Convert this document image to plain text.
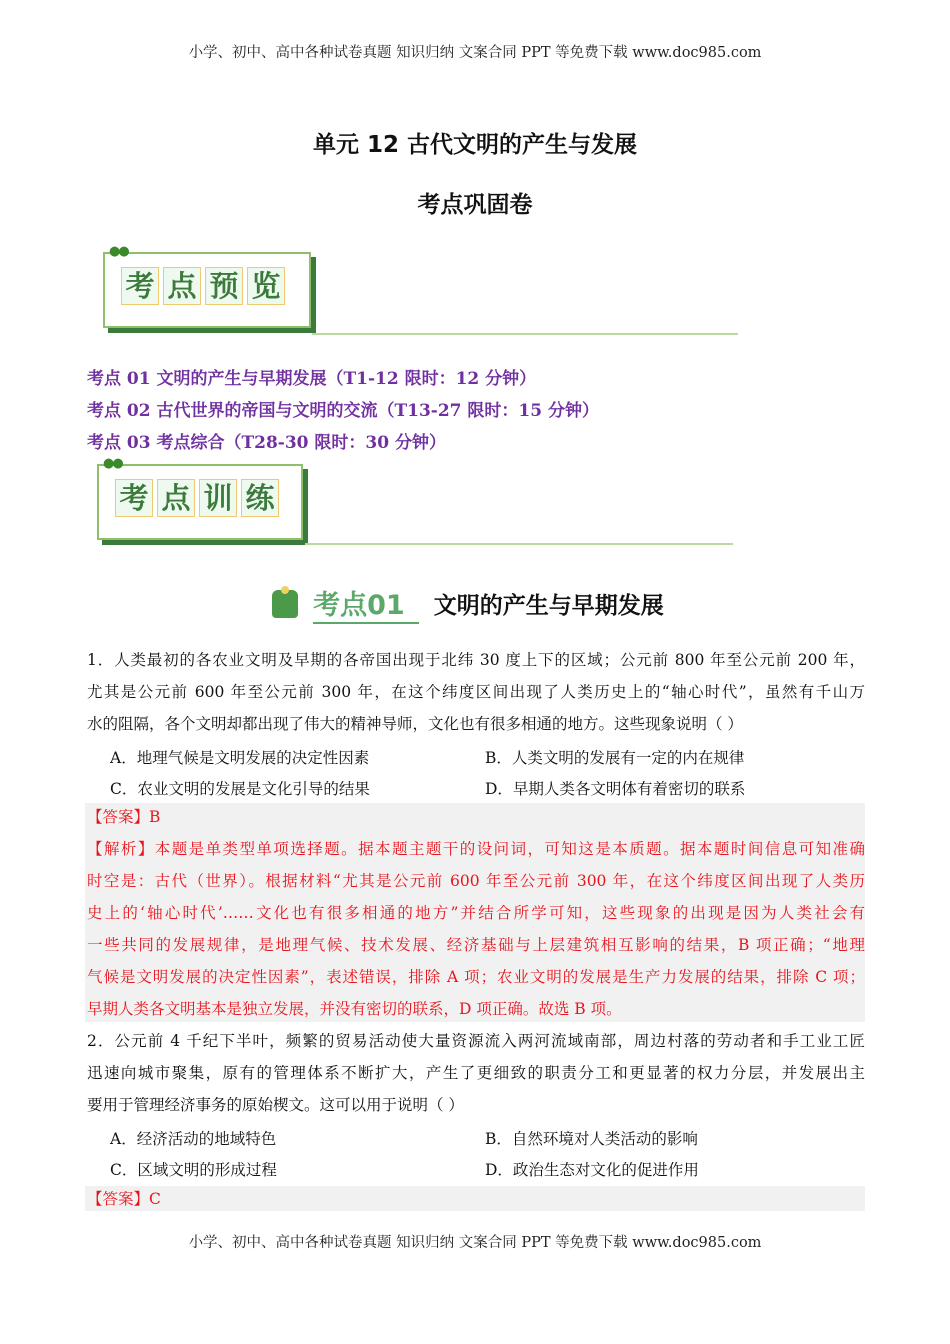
小学、初中、高中各种试卷真题 知识归纳 文案合同 PPT 等免费下载 www.doc985.com
单元 12 古代文明的产生与发展
考点巩固卷
●●
考 点 预 览
考点 01 文明的产生与早期发展（T1-12 限时：12 分钟）
考点 02 古代世界的帝国与文明的交流（T13-27 限时：15 分钟）
考点 03 考点综合（T28-30 限时：30 分钟）
●●
考 点 训 练
考点01 文明的产生与早期发展
1．人类最初的各农业文明及早期的各帝国出现于北纬 30 度上下的区域；公元前 800 年至公元前 200 年，
尤其是公元前 600 年至公元前 300 年，在这个纬度区间出现了人类历史上的“轴心时代”，虽然有千山万
水的阻隔，各个文明却都出现了伟大的精神导师，文化也有很多相通的地方。这些现象说明（ ）
A．地理气候是文明发展的决定性因素	B．人类文明的发展有一定的内在规律
C．农业文明的发展是文化引导的结果	D．早期人类各文明体有着密切的联系
【答案】B
【解析】本题是单类型单项选择题。据本题主题干的设问词，可知这是本质题。据本题时间信息可知准确
时空是：古代（世界）。根据材料“尤其是公元前 600 年至公元前 300 年，在这个纬度区间出现了人类历
史上的‘轴心时代’……文化也有很多相通的地方”并结合所学可知，这些现象的出现是因为人类社会有
一些共同的发展规律，是地理气候、技术发展、经济基础与上层建筑相互影响的结果，B 项正确；“地理
气候是文明发展的决定性因素”，表述错误，排除 A 项；农业文明的发展是生产力发展的结果，排除 C 项；
早期人类各文明基本是独立发展，并没有密切的联系，D 项正确。故选 B 项。
2．公元前 4 千纪下半叶，频繁的贸易活动使大量资源流入两河流域南部，周边村落的劳动者和手工业工匠
迅速向城市聚集，原有的管理体系不断扩大，产生了更细致的职责分工和更显著的权力分层，并发展出主
要用于管理经济事务的原始楔文。这可以用于说明（ ）
A．经济活动的地域特色	B．自然环境对人类活动的影响
C．区域文明的形成过程	D．政治生态对文化的促进作用
【答案】C
小学、初中、高中各种试卷真题 知识归纳 文案合同 PPT 等免费下载 www.doc985.com
